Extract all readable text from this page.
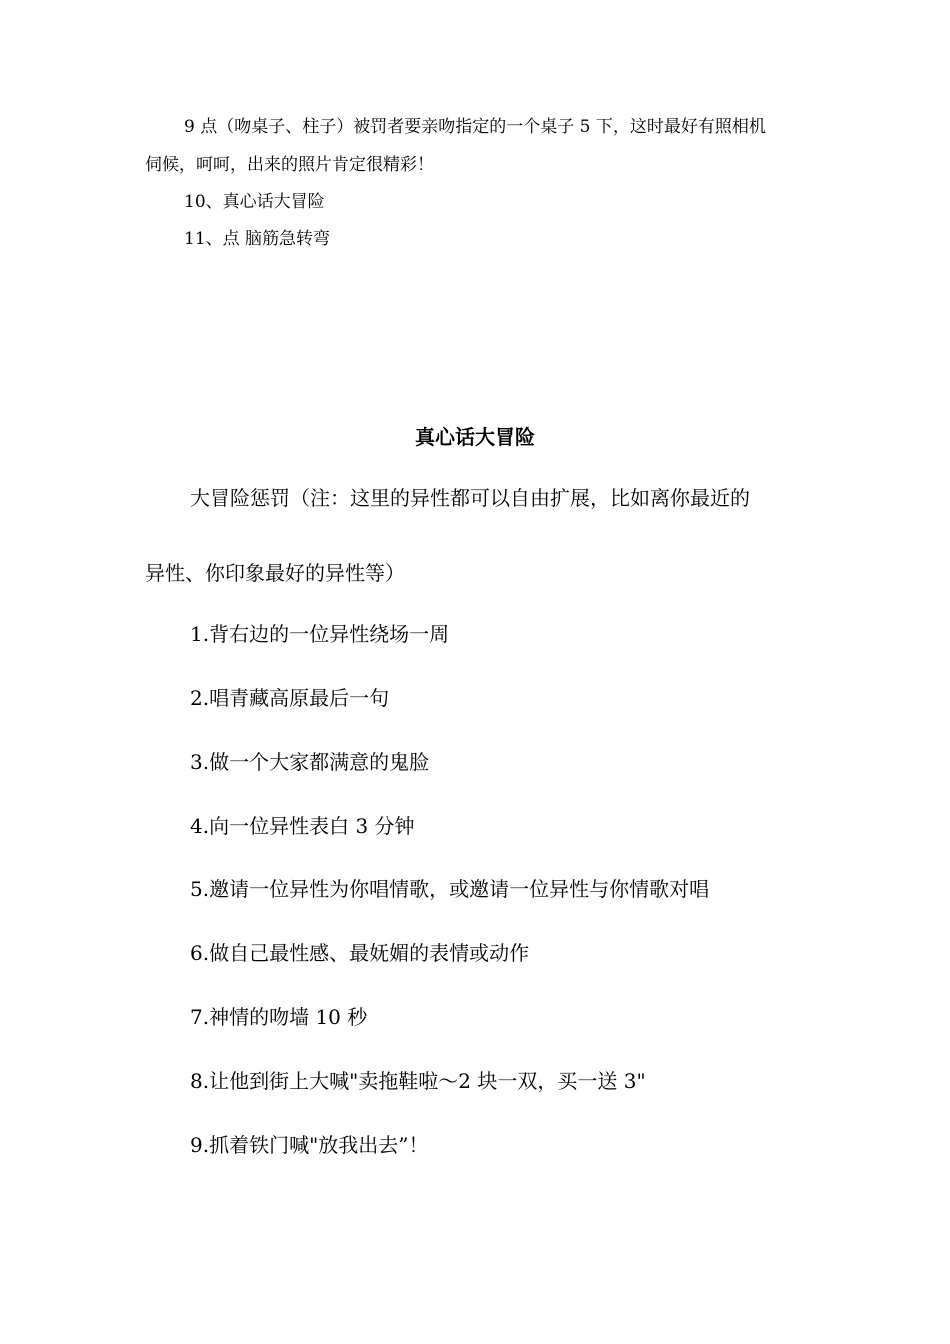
9 点（吻桌子、柱子）被罚者要亲吻指定的一个桌子 5 下，这时最好有照相机

伺候，呵呵，出来的照片肯定很精彩！

10、真心话大冒险

11、点 脑筋急转弯

真心话大冒险

大冒险惩罚（注：这里的异性都可以自由扩展，比如离你最近的

异性、你印象最好的异性等）

1.背右边的一位异性绕场一周

2.唱青藏高原最后一句

3.做一个大家都满意的鬼脸

4.向一位异性表白 3 分钟

5.邀请一位异性为你唱情歌，或邀请一位异性与你情歌对唱

6.做自己最性感、最妩媚的表情或动作

7.神情的吻墙 10 秒

8.让他到街上大喊"卖拖鞋啦～2 块一双，买一送 3"

9.抓着铁门喊"放我出去”！
